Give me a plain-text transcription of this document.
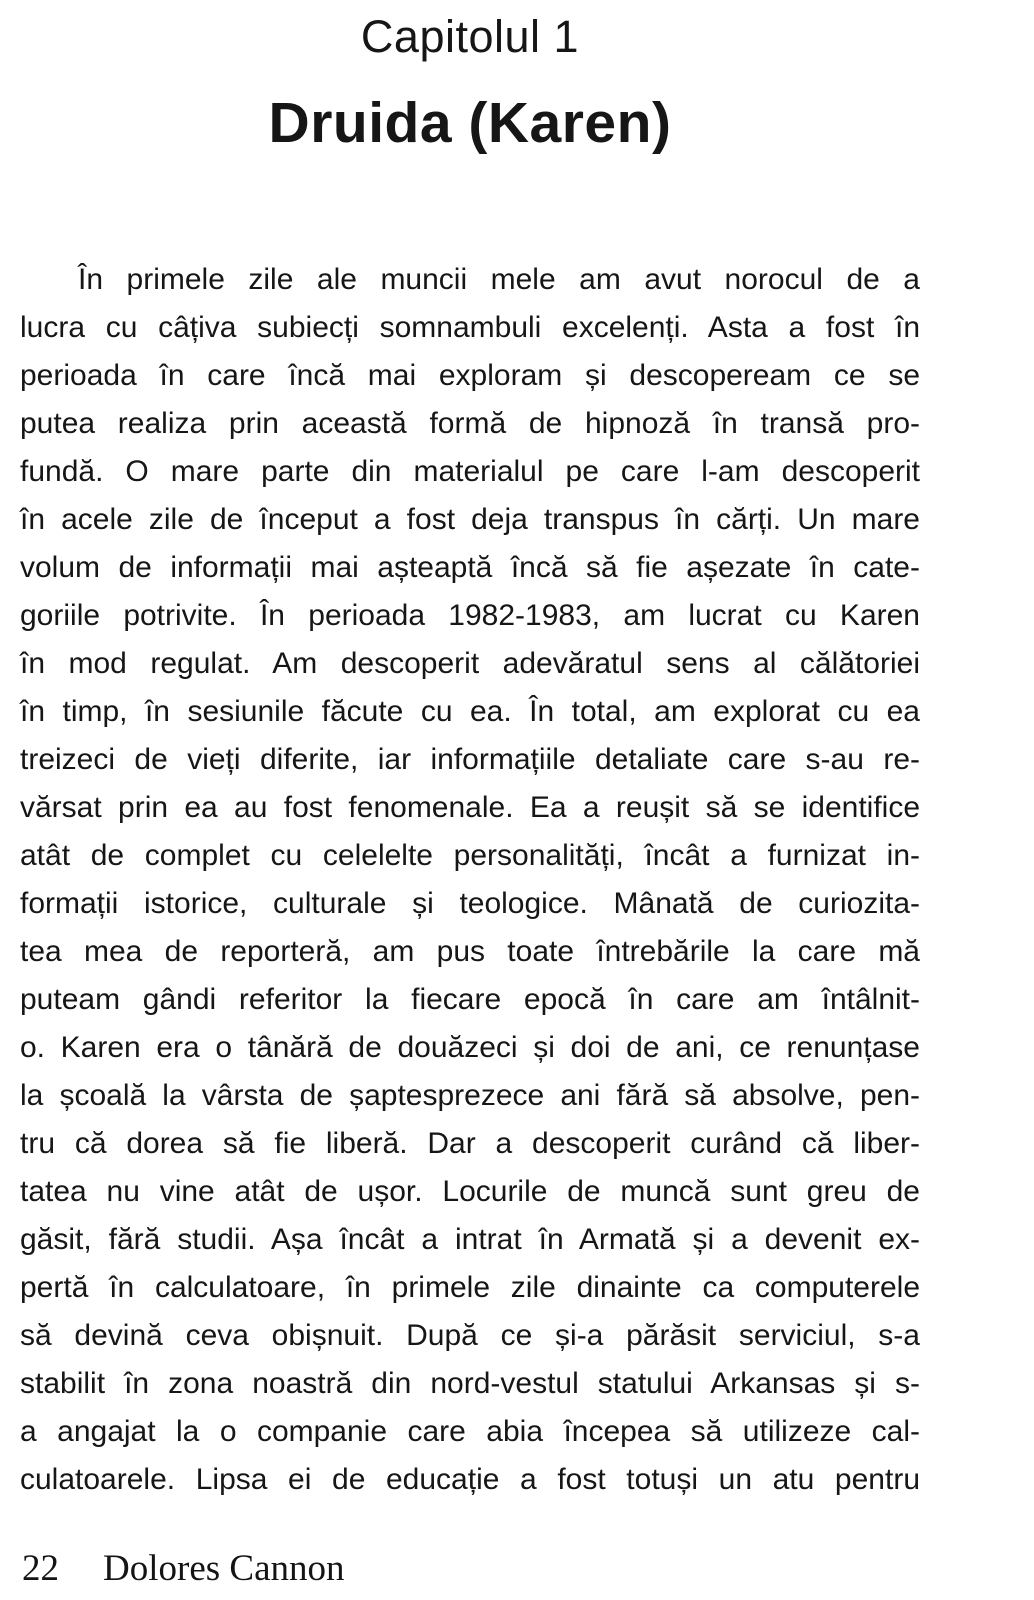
Capitolul 1
Druida (Karen)
În primele zile ale muncii mele am avut norocul de a
lucra cu câțiva subiecți somnambuli excelenți. Asta a fost în
perioada în care încă mai exploram și descopeream ce se
putea realiza prin această formă de hipnoză în transă pro-
fundă. O mare parte din materialul pe care l-am descoperit
în acele zile de început a fost deja transpus în cărți. Un mare
volum de informații mai așteaptă încă să fie așezate în cate-
goriile potrivite. În perioada 1982-1983, am lucrat cu Karen
în mod regulat. Am descoperit adevăratul sens al călătoriei
în timp, în sesiunile făcute cu ea. În total, am explorat cu ea
treizeci de vieți diferite, iar informațiile detaliate care s-au re-
vărsat prin ea au fost fenomenale. Ea a reușit să se identifice
atât de complet cu celelelte personalități, încât a furnizat in-
formații istorice, culturale și teologice. Mânată de curiozita-
tea mea de reporteră, am pus toate întrebările la care mă
puteam gândi referitor la fiecare epocă în care am întâlnit-
o. Karen era o tânără de douăzeci și doi de ani, ce renunțase
la școală la vârsta de șaptesprezece ani fără să absolve, pen-
tru că dorea să fie liberă. Dar a descoperit curând că liber-
tatea nu vine atât de ușor. Locurile de muncă sunt greu de
găsit, fără studii. Așa încât a intrat în Armată și a devenit ex-
pertă în calculatoare, în primele zile dinainte ca computerele
să devină ceva obișnuit. După ce și-a părăsit serviciul, s-a
stabilit în zona noastră din nord-vestul statului Arkansas și s-
a angajat la o companie care abia începea să utilizeze cal-
culatoarele. Lipsa ei de educație a fost totuși un atu pentru
22 Dolores Cannon
